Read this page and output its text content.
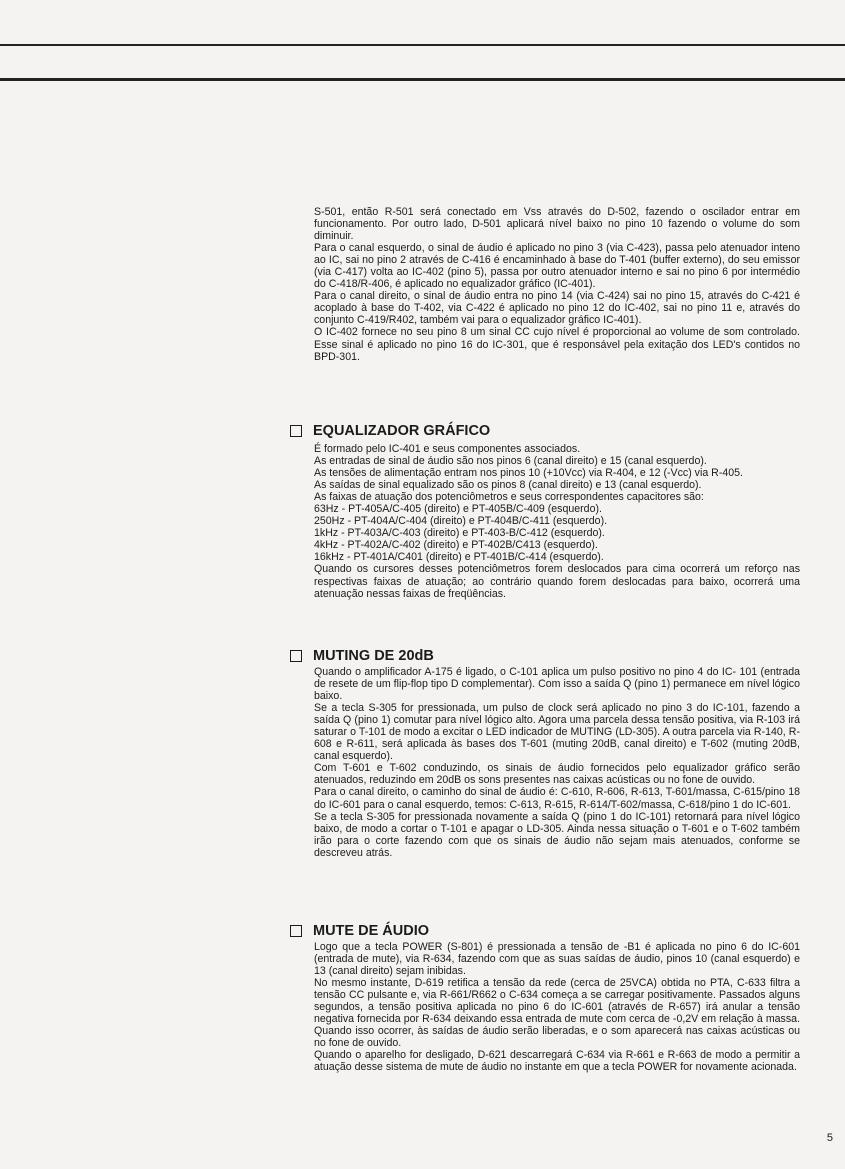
S-501, então R-501 será conectado em Vss através do D-502, fazendo o oscilador entrar em funcionamento. Por outro lado, D-501 aplicará nível baixo no pino 10 fazendo o volume do som diminuir.

Para o canal esquerdo, o sinal de áudio é aplicado no pino 3 (via C-423), passa pelo atenuador inteno ao IC, sai no pino 2 através de C-416 é encaminhado à base do T-401 (buffer externo), do seu emissor (via C-417) volta ao IC-402 (pino 5), passa por outro atenuador interno e sai no pino 6 por intermédio do C-418/R-406, é aplicado no equalizador gráfico (IC-401).

Para o canal direito, o sinal de áudio entra no pino 14 (via C-424) sai no pino 15, através do C-421 é acoplado à base do T-402, via C-422 é aplicado no pino 12 do IC-402, sai no pino 11 e, através do conjunto C-419/R402, também vai para o equalizador gráfico IC-401).

O IC-402 fornece no seu pino 8 um sinal CC cujo nível é proporcional ao volume de som controlado. Esse sinal é aplicado no pino 16 do IC-301, que é responsável pela exitação dos LED's contidos no BPD-301.

EQUALIZADOR GRÁFICO

É formado pelo IC-401 e seus componentes associados.

As entradas de sinal de áudio são nos pinos 6 (canal direito) e 15 (canal esquerdo).

As tensões de alimentação entram nos pinos 10 (+10Vcc) via R-404, e 12 (-Vcc) via R-405.

As saídas de sinal equalizado são os pinos 8 (canal direito) e 13 (canal esquerdo).

As faixas de atuação dos potenciômetros e seus correspondentes capacitores são:

63Hz - PT-405A/C-405 (direito) e PT-405B/C-409 (esquerdo).

250Hz - PT-404A/C-404 (direito) e PT-404B/C-411 (esquerdo).

1kHz - PT-403A/C-403 (direito) e PT-403-B/C-412 (esquerdo).

4kHz - PT-402A/C-402 (direito) e PT-402B/C413 (esquerdo).

16kHz - PT-401A/C401 (direito) e PT-401B/C-414 (esquerdo).

Quando os cursores desses potenciômetros forem deslocados para cima ocorrerá um reforço nas respectivas faixas de atuação; ao contrário quando forem deslocadas para baixo, ocorrerá uma atenuação nessas faixas de freqüências.

MUTING DE 20dB

Quando o amplificador A-175 é ligado, o C-101 aplica um pulso positivo no pino 4 do IC- 101 (entrada de resete de um flip-flop tipo D complementar). Com isso a saída Q (pino 1) permanece em nível lógico baixo.

Se a tecla S-305 for pressionada, um pulso de clock será aplicado no pino 3 do IC-101, fazendo a saída Q (pino 1) comutar para nível lógico alto. Agora uma parcela dessa tensão positiva, via R-103 irá saturar o T-101 de modo a excitar o LED indicador de MUTING (LD-305). A outra parcela via R-140, R-608 e R-611, será aplicada às bases dos T-601 (muting 20dB, canal direito) e T-602 (muting 20dB, canal esquerdo).

Com T-601 e T-602 conduzindo, os sinais de áudio fornecidos pelo equalizador gráfico serão atenuados, reduzindo em 20dB os sons presentes nas caixas acústicas ou no fone de ouvido.

Para o canal direito, o caminho do sinal de áudio é: C-610, R-606, R-613, T-601/massa, C-615/pino 18 do IC-601 para o canal esquerdo, temos: C-613, R-615, R-614/T-602/massa, C-618/pino 1 do IC-601.

Se a tecla S-305 for pressionada novamente a saída Q (pino 1 do IC-101) retornará para nível lógico baixo, de modo a cortar o T-101 e apagar o LD-305. Ainda nessa situação o T-601 e o T-602 também irão para o corte fazendo com que os sinais de áudio não sejam mais atenuados, conforme se descreveu atrás.

MUTE DE ÁUDIO

Logo que a tecla POWER (S-801) é pressionada a tensão de -B1 é aplicada no pino 6 do IC-601 (entrada de mute), via R-634, fazendo com que as suas saídas de áudio, pinos 10 (canal esquerdo) e 13 (canal direito) sejam inibidas.

No mesmo instante, D-619 retifica a tensão da rede (cerca de 25VCA) obtida no PTA, C-633 filtra a tensão CC pulsante e, via R-661/R662 o C-634 começa a se carregar positivamente. Passados alguns segundos, a tensão positiva aplicada no pino 6 do IC-601 (através de R-657) irá anular a tensão negativa fornecida por R-634 deixando essa entrada de mute com cerca de -0,2V em relação à massa. Quando isso ocorrer, às saídas de áudio serão liberadas, e o som aparecerá nas caixas acústicas ou no fone de ouvido.

Quando o aparelho for desligado, D-621 descarregará C-634 via R-661 e R-663 de modo a permitir a atuação desse sistema de mute de áudio no instante em que a tecla POWER for novamente acionada.

5
